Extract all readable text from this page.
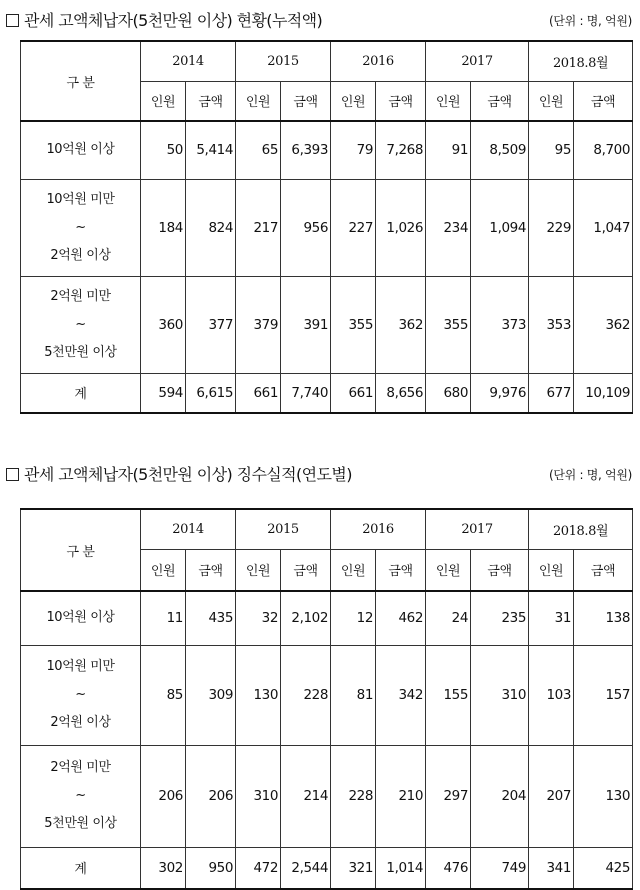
관세 고액체납자(5천만원 이상) 현황(누적액)	(단위 : 명, 억원)
구 분	2014		2015		2016		2017		2018.8월	
	인원	금액	인원	금액	인원	금액	인원	금액	인원	금액

10억원 이상	50	5,414	65	6,393	79	7,268	91	8,509	95	8,700

10억원 미만
~
2억원 이상	184	824	217	956	227	1,026	234	1,094	229	1,047

2억원 미만
~
5천만원 이상	360	377	379	391	355	362	355	373	353	362
계	594	6,615	661	7,740	661	8,656	680	9,976	677	10,109
관세 고액체납자(5천만원 이상) 징수실적(연도별)	(단위 : 명, 억원)
구 분	2014		2015		2016		2017		2018.8월	
	인원	금액	인원	금액	인원	금액	인원	금액	인원	금액

10억원 이상	11	435	32	2,102	12	462	24	235	31	138

10억원 미만
~
2억원 이상	85	309	130	228	81	342	155	310	103	157

2억원 미만
~
5천만원 이상	206	206	310	214	228	210	297	204	207	130
계	302	950	472	2,544	321	1,014	476	749	341	425
